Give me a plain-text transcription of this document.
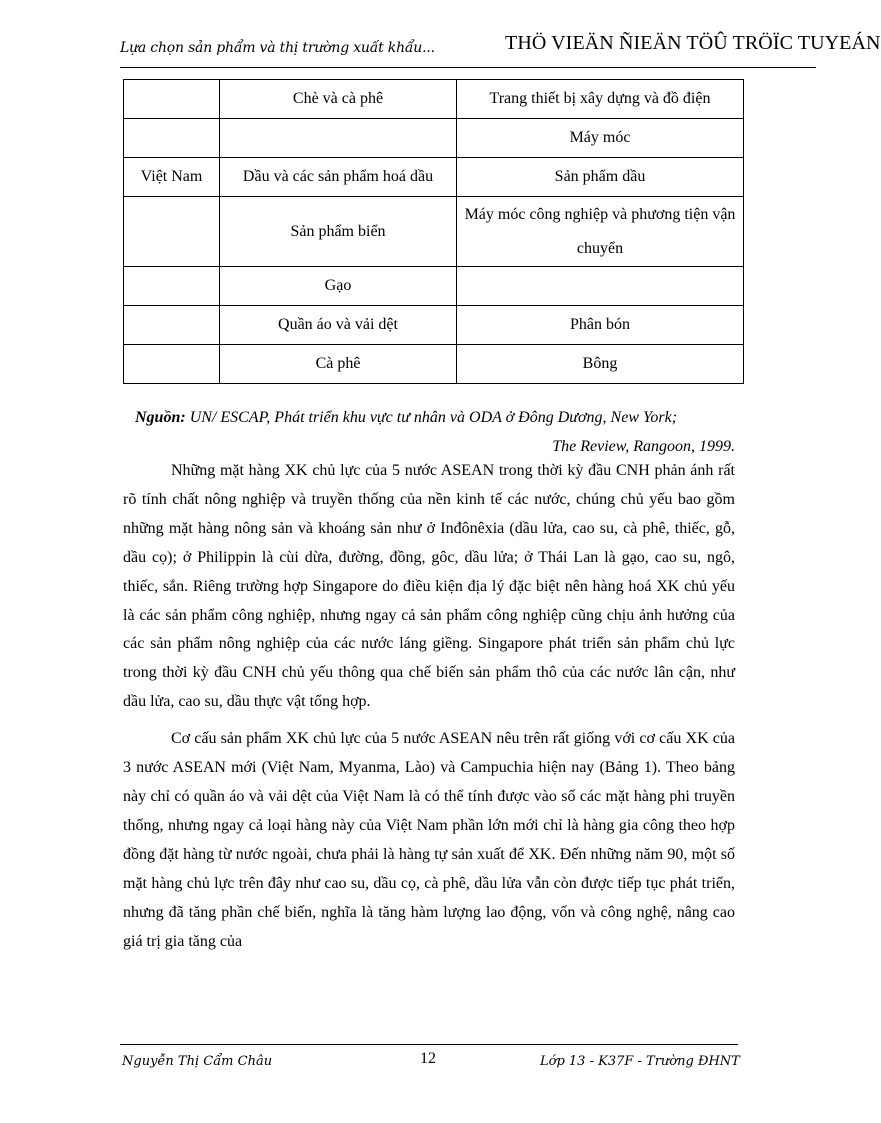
Lựa chọn sản phẩm và thị trường xuất khẩu...	THÖ VIEÄN ÑIEÄN TÖÛ TRÖÏC TUYEÁN
	Chè và cà phê	Trang thiết bị xây dựng và đồ điện
		Máy móc
Việt Nam	Dầu và các sản phẩm hoá dầu	Sản phẩm dầu
	Sản phẩm biển	Máy móc công nghiệp và phương tiện vận chuyển
	Gạo	
	Quần áo và vải dệt	Phân bón
	Cà phê	Bông
Nguồn: UN/ ESCAP, Phát triển khu vực tư nhân và ODA ở Đông Dương, New York;
The Review, Rangoon, 1999.

Những mặt hàng XK chủ lực của 5 nước ASEAN trong thời kỳ đầu CNH phản ánh rất rõ tính chất nông nghiệp và truyền thống của nền kinh tế các nước, chúng chủ yếu bao gồm những mặt hàng nông sản và khoáng sản như ở Inđônêxia (dầu lửa, cao su, cà phê, thiếc, gỗ, dầu cọ); ở Philippin là cùi dừa, đường, đồng, gôc, dầu lửa; ở Thái Lan là gạo, cao su, ngô, thiếc, sắn. Riêng trường hợp Singapore do điều kiện địa lý đặc biệt nên hàng hoá XK chủ yếu là các sản phẩm công nghiệp, nhưng ngay cả sản phẩm công nghiệp cũng chịu ảnh hưởng của các sản phẩm nông nghiệp của các nước láng giềng. Singapore phát triển sản phẩm chủ lực trong thời kỳ đầu CNH chủ yếu thông qua chế biến sản phẩm thô của các nước lân cận, như dầu lửa, cao su, dầu thực vật tổng hợp.

Cơ cấu sản phẩm XK chủ lực của 5 nước ASEAN nêu trên rất giống với cơ cấu XK của 3 nước ASEAN mới (Việt Nam, Myanma, Lào) và Campuchia hiện nay (Bảng 1). Theo bảng này chỉ có quần áo và vải dệt của Việt Nam là có thể tính được vào số các mặt hàng phi truyền thống, nhưng ngay cả loại hàng này của Việt Nam phần lớn mới chỉ là hàng gia công theo hợp đồng đặt hàng từ nước ngoài, chưa phải là hàng tự sản xuất để XK. Đến những năm 90, một số mặt hàng chủ lực trên đây như cao su, dầu cọ, cà phê, dầu lửa vẫn còn được tiếp tục phát triển, nhưng đã tăng phần chế biến, nghĩa là tăng hàm lượng lao động, vốn và công nghệ, nâng cao giá trị gia tăng của

Nguyễn Thị Cẩm Châu	12	Lớp 13 - K37F - Trường ĐHNT
